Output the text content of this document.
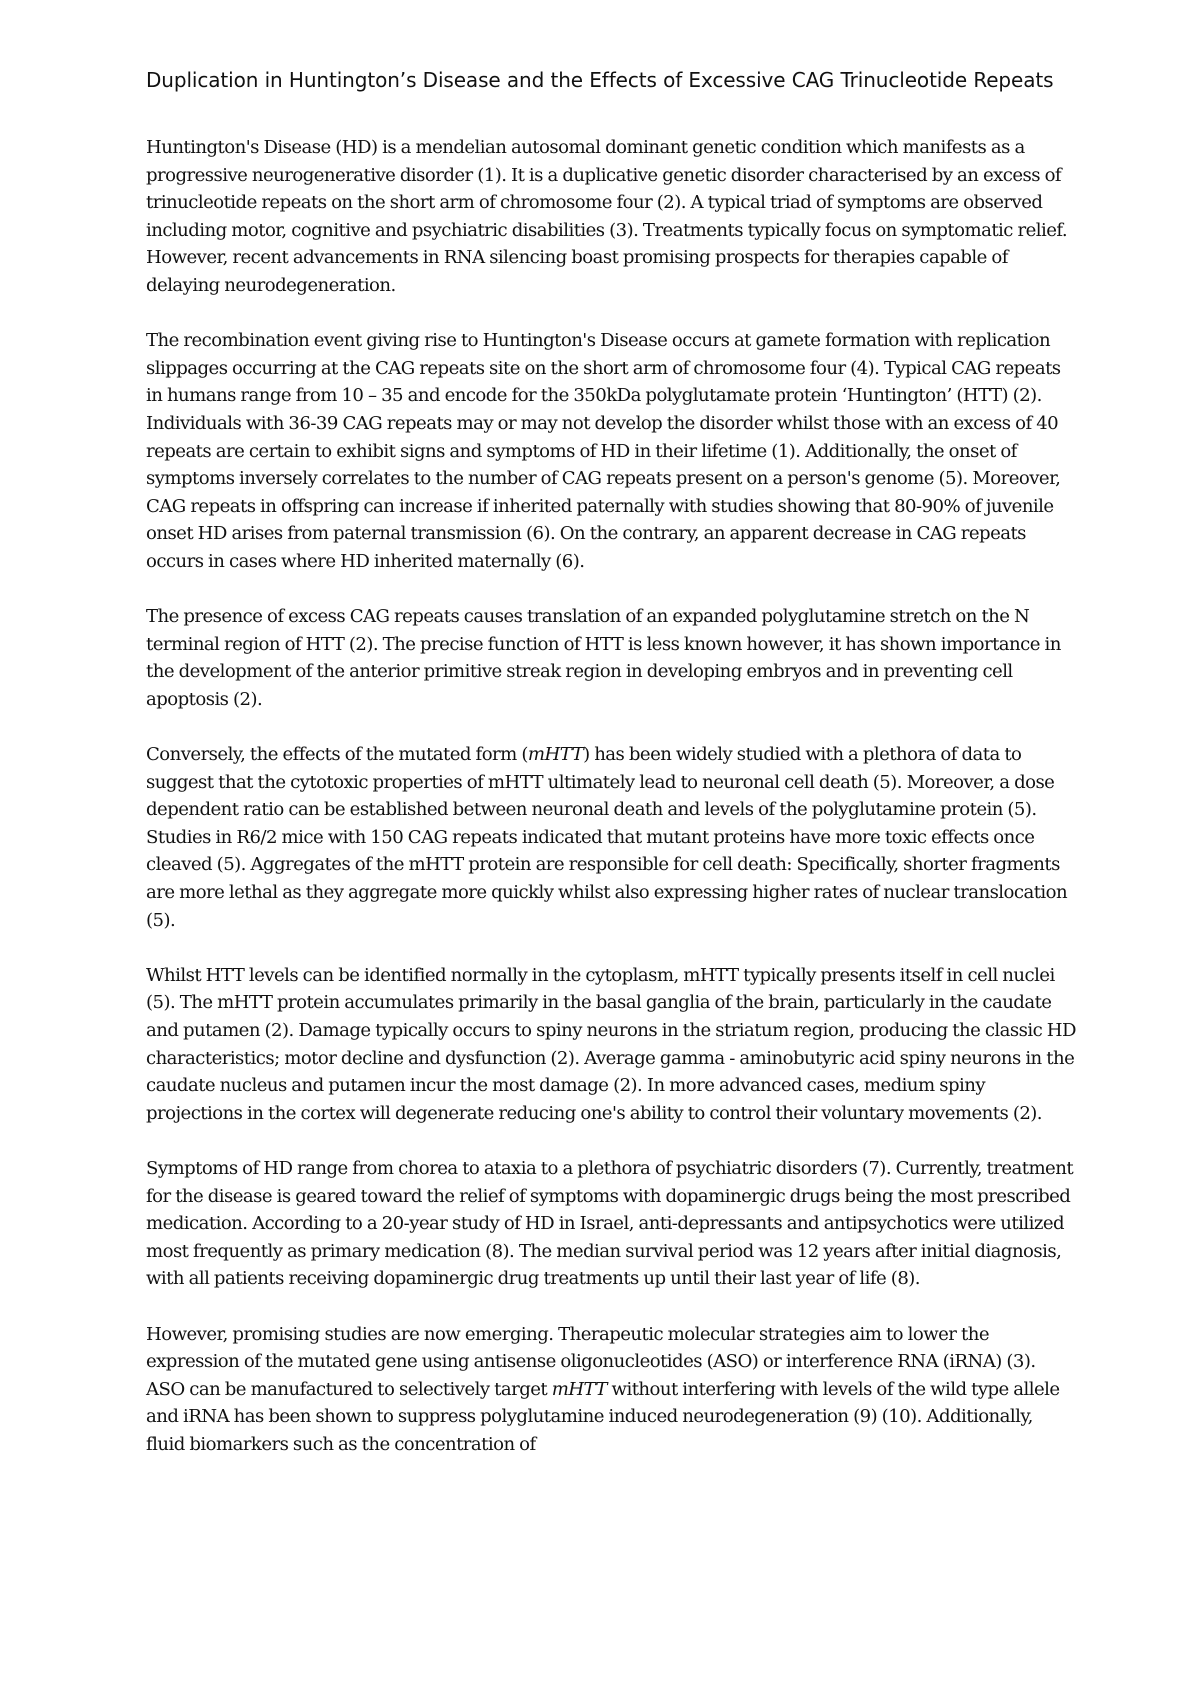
Duplication in Huntington’s Disease and the Effects of Excessive CAG Trinucleotide Repeats

Huntington's Disease (HD) is a mendelian autosomal dominant genetic condition which manifests as a progressive neurogenerative disorder (1). It is a duplicative genetic disorder characterised by an excess of trinucleotide repeats on the short arm of chromosome four (2). A typical triad of symptoms are observed including motor, cognitive and psychiatric disabilities (3). Treatments typically focus on symptomatic relief. However, recent advancements in RNA silencing boast promising prospects for therapies capable of delaying neurodegeneration.

The recombination event giving rise to Huntington's Disease occurs at gamete formation with replication slippages occurring at the CAG repeats site on the short arm of chromosome four (4). Typical CAG repeats in humans range from 10 – 35 and encode for the 350kDa polyglutamate protein ‘Huntington’ (HTT) (2). Individuals with 36-39 CAG repeats may or may not develop the disorder whilst those with an excess of 40 repeats are certain to exhibit signs and symptoms of HD in their lifetime (1). Additionally, the onset of symptoms inversely correlates to the number of CAG repeats present on a person's genome (5). Moreover, CAG repeats in offspring can increase if inherited paternally with studies showing that 80-90% of juvenile onset HD arises from paternal transmission (6). On the contrary, an apparent decrease in CAG repeats occurs in cases where HD inherited maternally (6).

The presence of excess CAG repeats causes translation of an expanded polyglutamine stretch on the N terminal region of HTT (2). The precise function of HTT is less known however, it has shown importance in the development of the anterior primitive streak region in developing embryos and in preventing cell apoptosis (2).

Conversely, the effects of the mutated form (mHTT) has been widely studied with a plethora of data to suggest that the cytotoxic properties of mHTT ultimately lead to neuronal cell death (5). Moreover, a dose dependent ratio can be established between neuronal death and levels of the polyglutamine protein (5). Studies in R6/2 mice with 150 CAG repeats indicated that mutant proteins have more toxic effects once cleaved (5). Aggregates of the mHTT protein are responsible for cell death: Specifically, shorter fragments are more lethal as they aggregate more quickly whilst also expressing higher rates of nuclear translocation (5).

Whilst HTT levels can be identified normally in the cytoplasm, mHTT typically presents itself in cell nuclei (5). The mHTT protein accumulates primarily in the basal ganglia of the brain, particularly in the caudate and putamen (2). Damage typically occurs to spiny neurons in the striatum region, producing the classic HD characteristics; motor decline and dysfunction (2). Average gamma - aminobutyric acid spiny neurons in the caudate nucleus and putamen incur the most damage (2). In more advanced cases, medium spiny projections in the cortex will degenerate reducing one's ability to control their voluntary movements (2).

Symptoms of HD range from chorea to ataxia to a plethora of psychiatric disorders (7). Currently, treatment for the disease is geared toward the relief of symptoms with dopaminergic drugs being the most prescribed medication. According to a 20-year study of HD in Israel, anti-depressants and antipsychotics were utilized most frequently as primary medication (8). The median survival period was 12 years after initial diagnosis, with all patients receiving dopaminergic drug treatments up until their last year of life (8).

However, promising studies are now emerging. Therapeutic molecular strategies aim to lower the expression of the mutated gene using antisense oligonucleotides (ASO) or interference RNA (iRNA) (3). ASO can be manufactured to selectively target mHTT without interfering with levels of the wild type allele and iRNA has been shown to suppress polyglutamine induced neurodegeneration (9) (10). Additionally, fluid biomarkers such as the concentration of
